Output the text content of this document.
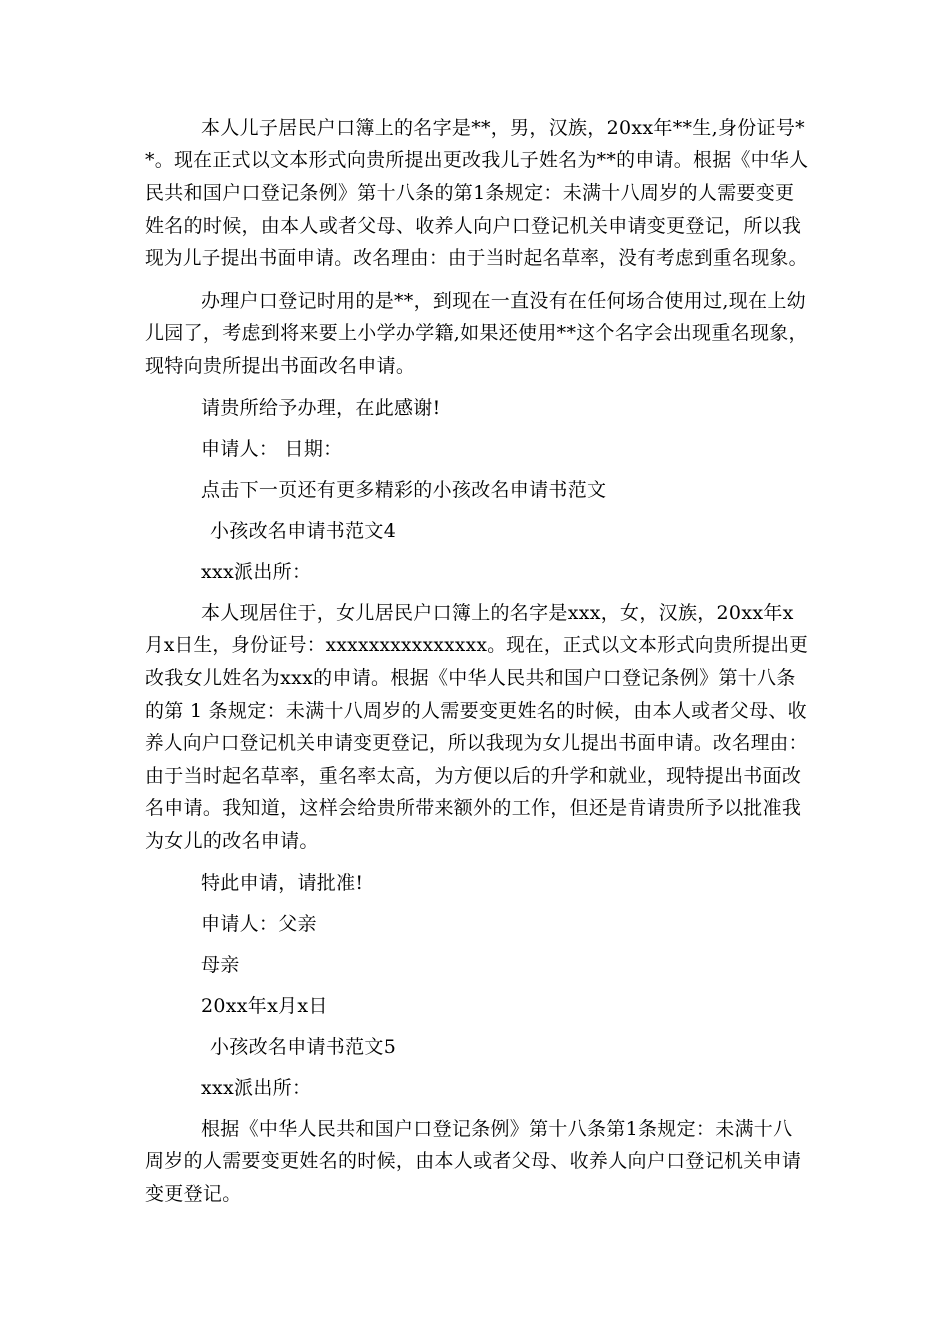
本人儿子居民户口簿上的名字是**，男，汉族，20xx年**生,身份证号*
*。现在正式以文本形式向贵所提出更改我儿子姓名为**的申请。根据《中华人
民共和国户口登记条例》第十八条的第1条规定：未满十八周岁的人需要变更
姓名的时候，由本人或者父母、收养人向户口登记机关申请变更登记，所以我
现为儿子提出书面申请。改名理由：由于当时起名草率，没有考虑到重名现象。
办理户口登记时用的是**，到现在一直没有在任何场合使用过,现在上幼
儿园了，考虑到将来要上小学办学籍,如果还使用**这个名字会出现重名现象，
现特向贵所提出书面改名申请。
请贵所给予办理，在此感谢!
申请人： 日期：
点击下一页还有更多精彩的小孩改名申请书范文
小孩改名申请书范文4
xxx派出所：
本人现居住于，女儿居民户口簿上的名字是xxx，女，汉族，20xx年x
月x日生，身份证号：xxxxxxxxxxxxxxx。现在，正式以文本形式向贵所提出更
改我女儿姓名为xxx的申请。根据《中华人民共和国户口登记条例》第十八条
的第 1 条规定：未满十八周岁的人需要变更姓名的时候，由本人或者父母、收
养人向户口登记机关申请变更登记，所以我现为女儿提出书面申请。改名理由：
由于当时起名草率，重名率太高，为方便以后的升学和就业，现特提出书面改
名申请。我知道，这样会给贵所带来额外的工作，但还是肯请贵所予以批准我
为女儿的改名申请。
特此申请，请批准!
申请人：父亲
母亲
20xx年x月x日
小孩改名申请书范文5
xxx派出所：
根据《中华人民共和国户口登记条例》第十八条第1条规定：未满十八
周岁的人需要变更姓名的时候，由本人或者父母、收养人向户口登记机关申请
变更登记。
